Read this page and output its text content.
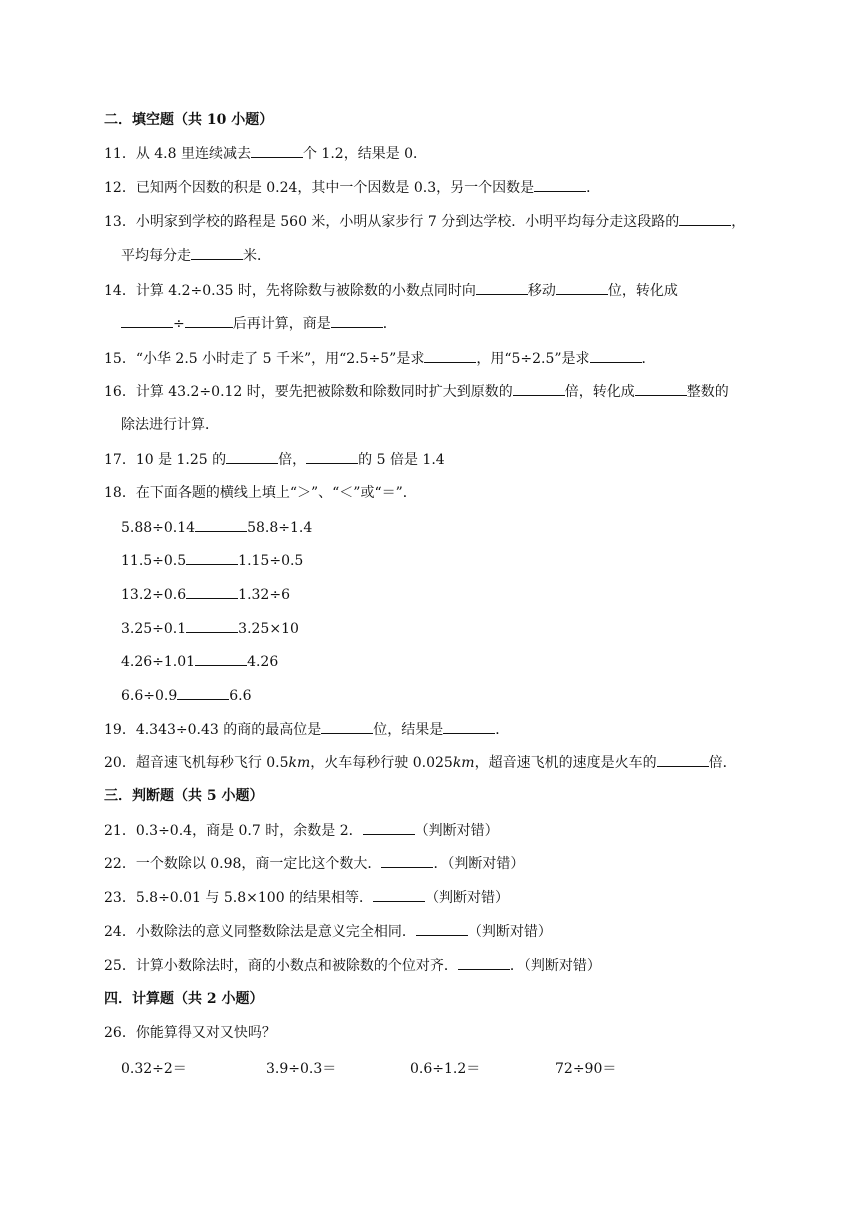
二．填空题（共 10 小题）
11．从 4.8 里连续减去	个 1.2，结果是 0．
12．已知两个因数的积是 0.24，其中一个因数是 0.3，另一个因数是	．
13．小明家到学校的路程是 560 米，小明从家步行 7 分到达学校．小明平均每分走这段路的	，
平均每分走	米．
14．计算 4.2÷0.35 时，先将除数与被除数的小数点同时向	移动	位，转化成
÷	后再计算，商是	．
15．“小华 2.5 小时走了 5 千米”，用“2.5÷5”是求	，用“5÷2.5”是求	．
16．计算 43.2÷0.12 时，要先把被除数和除数同时扩大到原数的	倍，转化成	整数的
除法进行计算．
17．10 是 1.25 的	倍，	的 5 倍是 1.4
18．在下面各题的横线上填上“＞”、“＜”或“＝”．
5.88÷0.14	58.8÷1.4
11.5÷0.5	1.15÷0.5
13.2÷0.6	1.32÷6
3.25÷0.1	3.25×10
4.26÷1.01	4.26
6.6÷0.9	6.6
19．4.343÷0.43 的商的最高位是	位，结果是	．
20．超音速飞机每秒飞行 0.5km，火车每秒行驶 0.025km，超音速飞机的速度是火车的	倍．
三．判断题（共 5 小题）
21．0.3÷0.4，商是 0.7 时，余数是 2．	（判断对错）
22．一个数除以 0.98，商一定比这个数大．	．（判断对错）
23．5.8÷0.01 与 5.8×100 的结果相等．	（判断对错）
24．小数除法的意义同整数除法是意义完全相同．	（判断对错）
25．计算小数除法时，商的小数点和被除数的个位对齐．	．（判断对错）
四．计算题（共 2 小题）
26．你能算得又对又快吗？
0.32÷2＝	3.9÷0.3＝	0.6÷1.2＝	72÷90＝
